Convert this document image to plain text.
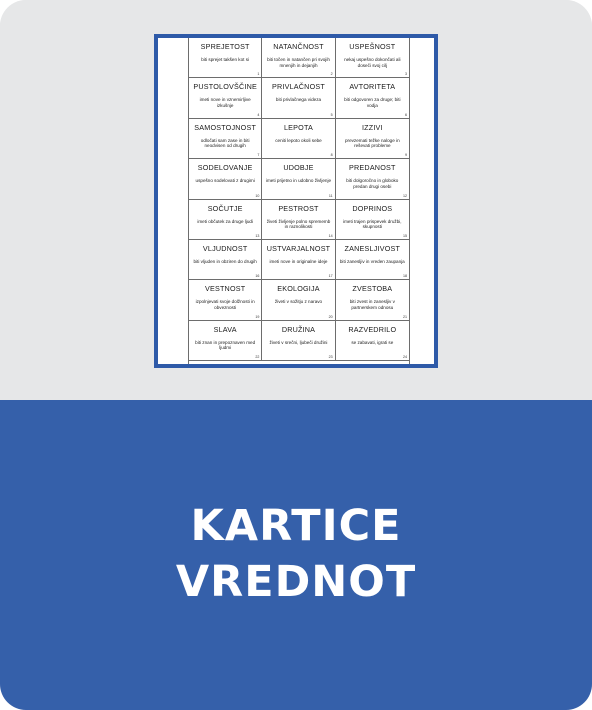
SPREJETOST
biti sprejet takšen kot si
1
NATANČNOST
biti točen in natančen pri svojih mnenjih in dejanjih
2
USPEŠNOST
nekaj uspešno dokončati ali doseči svoj cilj
3
PUSTOLOVŠČINE
imeti nove in vznemirljive izkušnje
4
PRIVLAČNOST
biti privlačnega videza
5
AVTORITETA
biti odgovoren za druge; biti vodja
6
SAMOSTOJNOST
odločati sam zase in biti neodvisen od drugih
7
LEPOTA
ceniti lepoto okoli sebe
8
IZZIVI
prevzemati težke naloge in reševati probleme
9
SODELOVANJE
uspešno sodelovati z drugimi
10
UDOBJE
imeti prijetno in udobno življenje
11
PREDANOST
biti dolgoročno in globoko predan drugi osebi
12
SOČUTJE
imeti občutek za druge ljudi
13
PESTROST
živeti življenje polno sprememb in raznolikosti
14
DOPRINOS
imeti trajen prispevek družbi, skupnosti
15
VLJUDNOST
biti vljuden in obziren do drugih
16
USTVARJALNOST
imeti nove in originalne ideje
17
ZANESLJIVOST
biti zanesljiv in vreden zaupanja
18
VESTNOST
izpolnjevati svoje dolžnosti in obveznosti
19
EKOLOGIJA
živeti v sožitju z naravo
20
ZVESTOBA
biti zvest in zanesljiv v partnerskem odnosu
21
SLAVA
biti znan in prepoznaven med ljudmi
22
DRUŽINA
živeti v srečni, ljubeči družini
23
RAZVEDRILO
se zabavati, igrati se
24
KARTICE
VREDNOT
